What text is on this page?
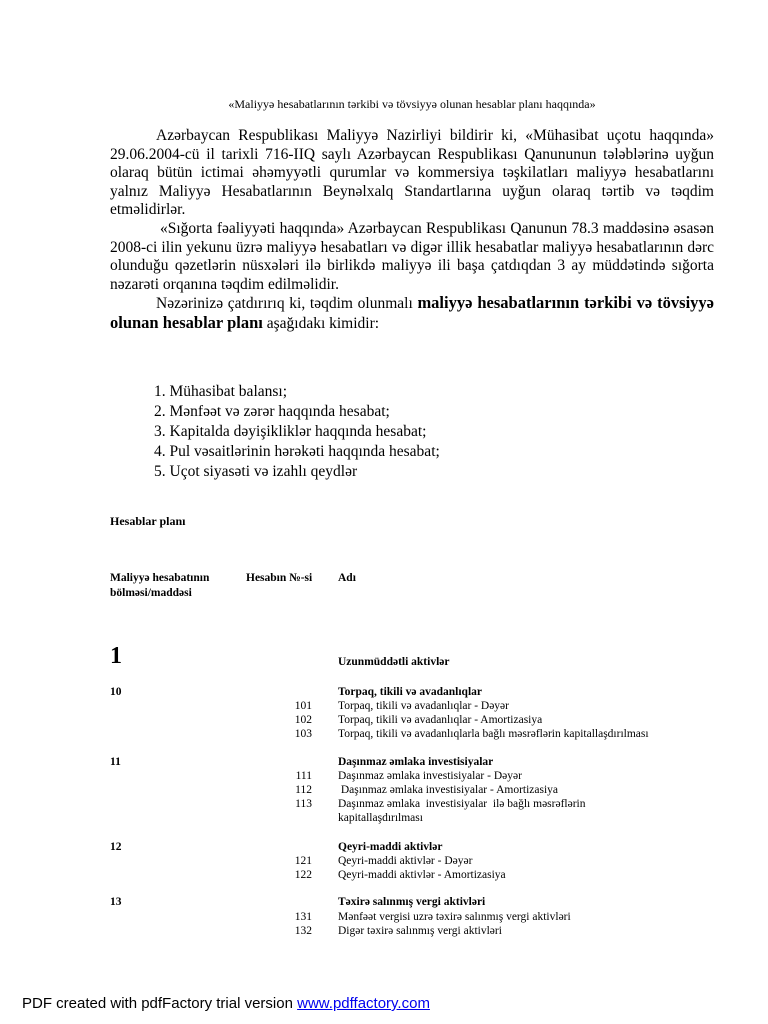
«Maliyyə hesabatlarının tərkibi və tövsiyyə olunan hesablar planı haqqında»

Azərbaycan Respublikası Maliyyə Nazirliyi bildirir ki, «Mühasibat uçotu haqqında» 29.06.2004-cü il tarixli 716-IIQ saylı Azərbaycan Respublikası Qanununun tələblərinə uyğun olaraq bütün ictimai əhəmyyətli qurumlar və kommersiya təşkilatları maliyyə hesabatlarını yalnız Maliyyə Hesabatlarının Beynəlxalq Standartlarına uyğun olaraq tərtib və təqdim etməlidirlər.

«Sığorta fəaliyyəti haqqında» Azərbaycan Respublikası Qanunun 78.3 maddəsinə əsasən 2008-ci ilin yekunu üzrə maliyyə hesabatları və digər illik hesabatlar maliyyə hesabatlarının dərc olunduğu qəzetlərin nüsxələri ilə birlikdə maliyyə ili başa çatdıqdan 3 ay müddətində sığorta nəzarəti orqanına təqdim edilməlidir.

Nəzərinizə çatdırırıq ki, təqdim olunmalı maliyyə hesabatlarının tərkibi və tövsiyyə olunan hesablar planı aşağıdakı kimidir:

1. Mühasibat balansı;
2. Mənfəət və zərər haqqında hesabat;
3. Kapitalda dəyişikliklər haqqında hesabat;
4. Pul vəsaitlərinin hərəkəti haqqında hesabat;
5. Uçot siyasəti və izahlı qeydlər
Hesablar planı
Maliyyə hesabatının bölməsi/maddəsi
Hesabın №-si Adı
1	Uzunmüddətli aktivlər
10	Torpaq, tikili və avadanlıqlar
101 Torpaq, tikili və avadanlıqlar - Dəyər
102 Torpaq, tikili və avadanlıqlar - Amortizasiya
103 Torpaq, tikili və avadanlıqlarla bağlı məsrəflərin kapitallaşdırılması
11	Daşınmaz əmlaka investisiyalar
111 Daşınmaz əmlaka investisiyalar - Dəyər
112 Daşınmaz əmlaka investisiyalar - Amortizasiya
113 Daşınmaz əmlaka  investisiyalar  ilə bağlı məsrəflərin kapitallaşdırılması
12	Qeyri-maddi aktivlər
121 Qeyri-maddi aktivlər - Dəyər
122 Qeyri-maddi aktivlər - Amortizasiya
13	Təxirə salınmış vergi aktivləri
131 Mənfəət vergisi uzrə təxirə salınmış vergi aktivləri
132 Digər təxirə salınmış vergi aktivləri
PDF created with pdfFactory trial version www.pdffactory.com
